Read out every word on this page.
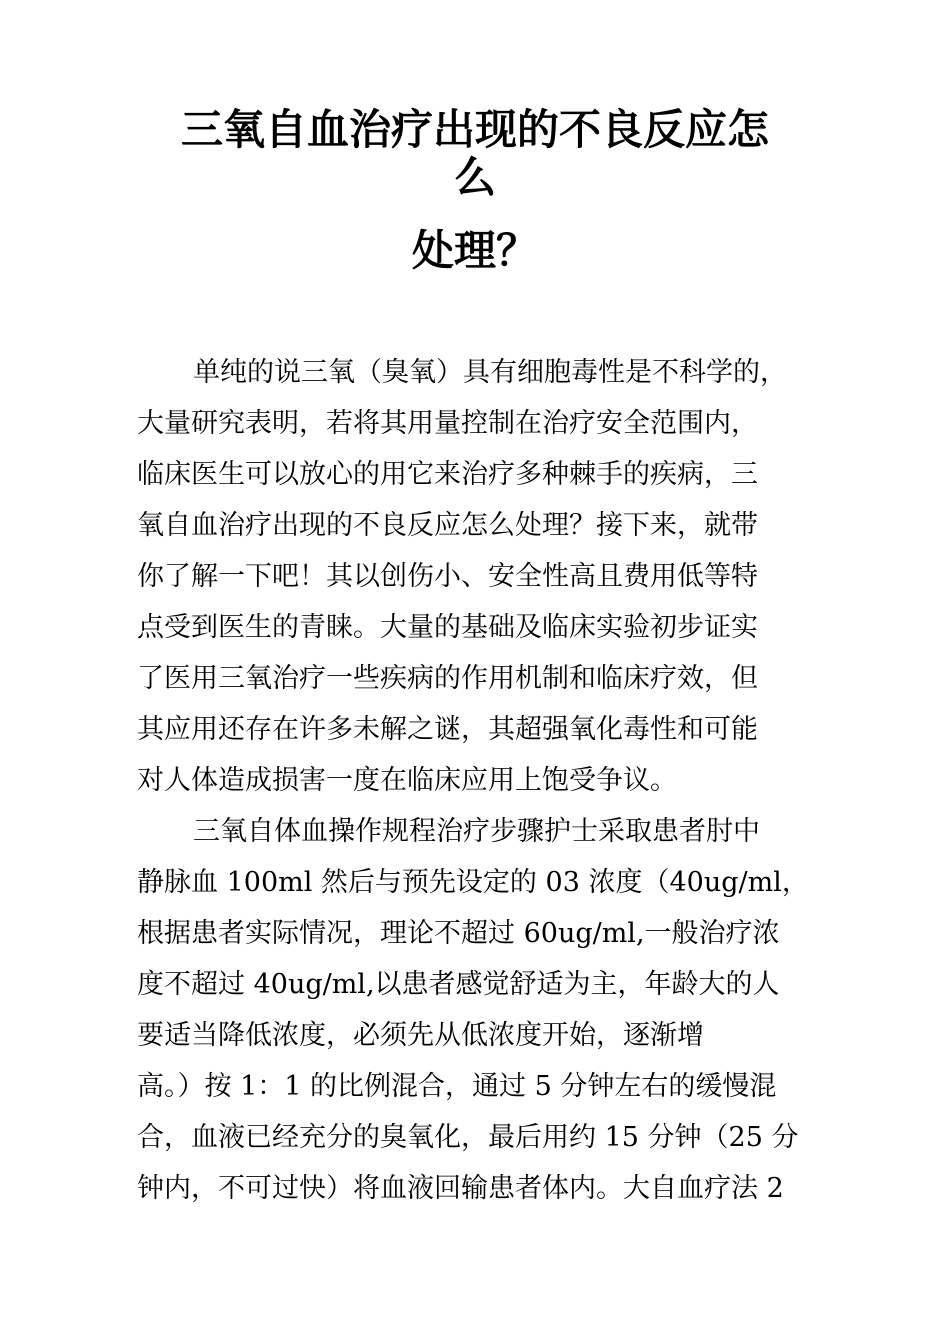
三氧自血治疗出现的不良反应怎
么
处理？
单纯的说三氧（臭氧）具有细胞毒性是不科学的，
大量研究表明，若将其用量控制在治疗安全范围内，
临床医生可以放心的用它来治疗多种棘手的疾病，三
氧自血治疗出现的不良反应怎么处理？接下来，就带
你了解一下吧！其以创伤小、安全性高且费用低等特
点受到医生的青睐。大量的基础及临床实验初步证实
了医用三氧治疗一些疾病的作用机制和临床疗效，但
其应用还存在许多未解之谜，其超强氧化毒性和可能
对人体造成损害一度在临床应用上饱受争议。
三氧自体血操作规程治疗步骤护士采取患者肘中
静脉血 100ml 然后与预先设定的 03 浓度（40ug/ml，
根据患者实际情况，理论不超过 60ug/ml,一般治疗浓
度不超过 40ug/ml,以患者感觉舒适为主，年龄大的人
要适当降低浓度，必须先从低浓度开始，逐渐增
高。）按 1：1 的比例混合，通过 5 分钟左右的缓慢混
合，血液已经充分的臭氧化，最后用约 15 分钟（25 分
钟内，不可过快）将血液回输患者体内。大自血疗法 2
